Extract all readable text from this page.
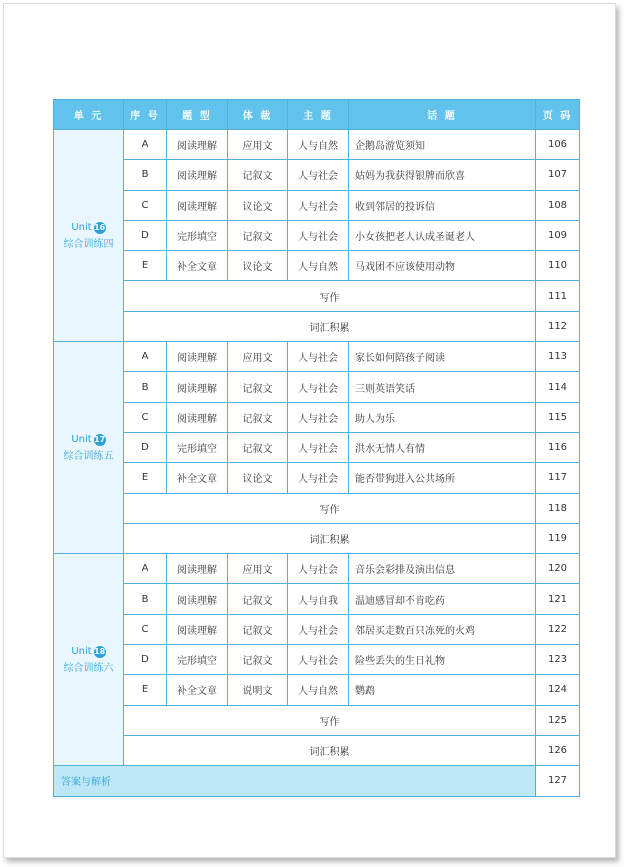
单 元	序 号	题 型	体 裁	主 题	话 题	页 码

Unit 16
综合训练四	A	阅读理解	应用文	人与自然	企鹅岛游览须知	106
	B	阅读理解	记叙文	人与社会	姑妈为我获得银牌而欣喜	107
	C	阅读理解	议论文	人与社会	收到邻居的投诉信	108
	D	完形填空	记叙文	人与社会	小女孩把老人认成圣诞老人	109
	E	补全文章	议论文	人与自然	马戏团不应该使用动物	110
	写作					111
	词汇积累					112

Unit 17
综合训练五	A	阅读理解	应用文	人与社会	家长如何陪孩子阅读	113
	B	阅读理解	记叙文	人与社会	三则英语笑话	114
	C	阅读理解	记叙文	人与社会	助人为乐	115
	D	完形填空	记叙文	人与社会	洪水无情人有情	116
	E	补全文章	议论文	人与社会	能否带狗进入公共场所	117
	写作					118
	词汇积累					119

Unit 18
综合训练六	A	阅读理解	应用文	人与社会	音乐会彩排及演出信息	120
	B	阅读理解	记叙文	人与自我	温迪感冒却不肯吃药	121
	C	阅读理解	记叙文	人与社会	邻居买走数百只冻死的火鸡	122
	D	完形填空	记叙文	人与社会	险些丢失的生日礼物	123
	E	补全文章	说明文	人与自然	鹦鹉	124
	写作					125
	词汇积累					126
答案与解析						127
